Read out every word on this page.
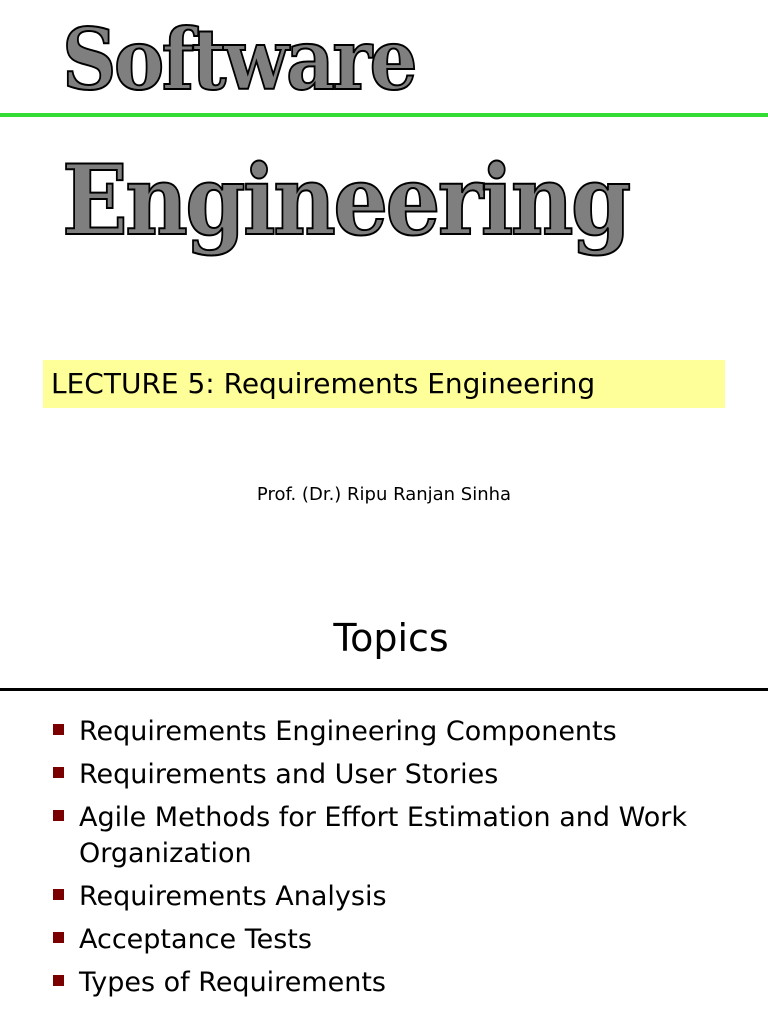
Software
Engineering
LECTURE 5: Requirements Engineering
Prof. (Dr.) Ripu Ranjan Sinha
Topics
Requirements Engineering Components
Requirements and User Stories
Agile Methods for Effort Estimation and Work Organization
Requirements Analysis
Acceptance Tests
Types of Requirements
